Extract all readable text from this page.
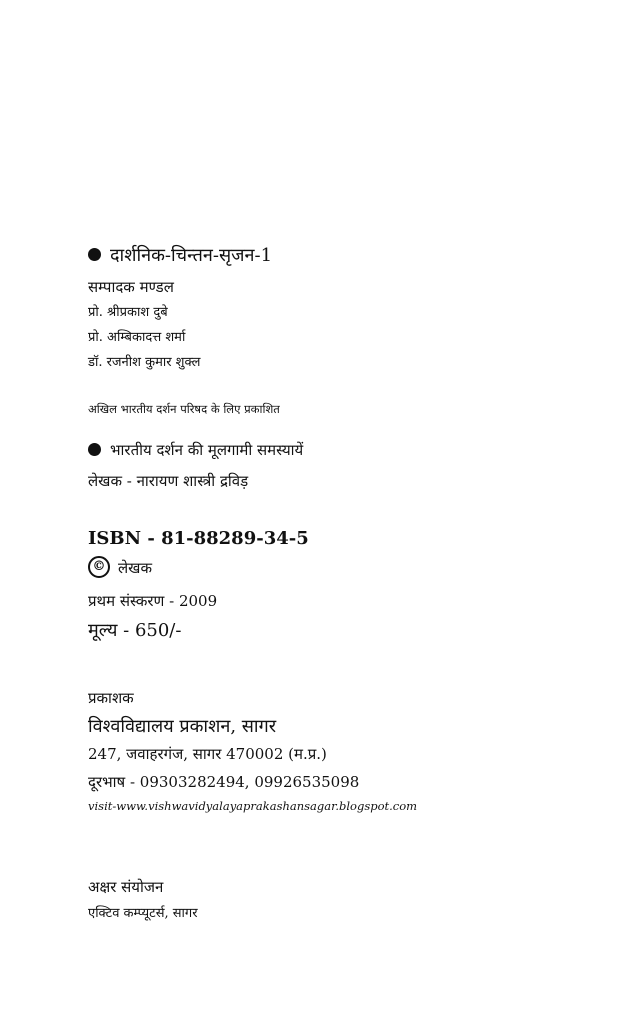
दार्शनिक-चिन्तन-सृजन-1
सम्पादक मण्डल
प्रो. श्रीप्रकाश दुबे
प्रो. अम्बिकादत्त शर्मा
डॉ. रजनीश कुमार शुक्ल
अखिल भारतीय दर्शन परिषद के लिए प्रकाशित
भारतीय दर्शन की मूलगामी समस्यायें
लेखक - नारायण शास्त्री द्रविड़
ISBN - 81-88289-34-5
© लेखक
प्रथम संस्करण - 2009
मूल्य - 650/-
प्रकाशक
विश्वविद्यालय प्रकाशन, सागर
247, जवाहरगंज, सागर 470002 (म.प्र.)
दूरभाष - 09303282494, 09926535098
visit-www.vishwavidyalayaprakashansagar.blogspot.com
अक्षर संयोजन
एक्टिव कम्प्यूटर्स, सागर
